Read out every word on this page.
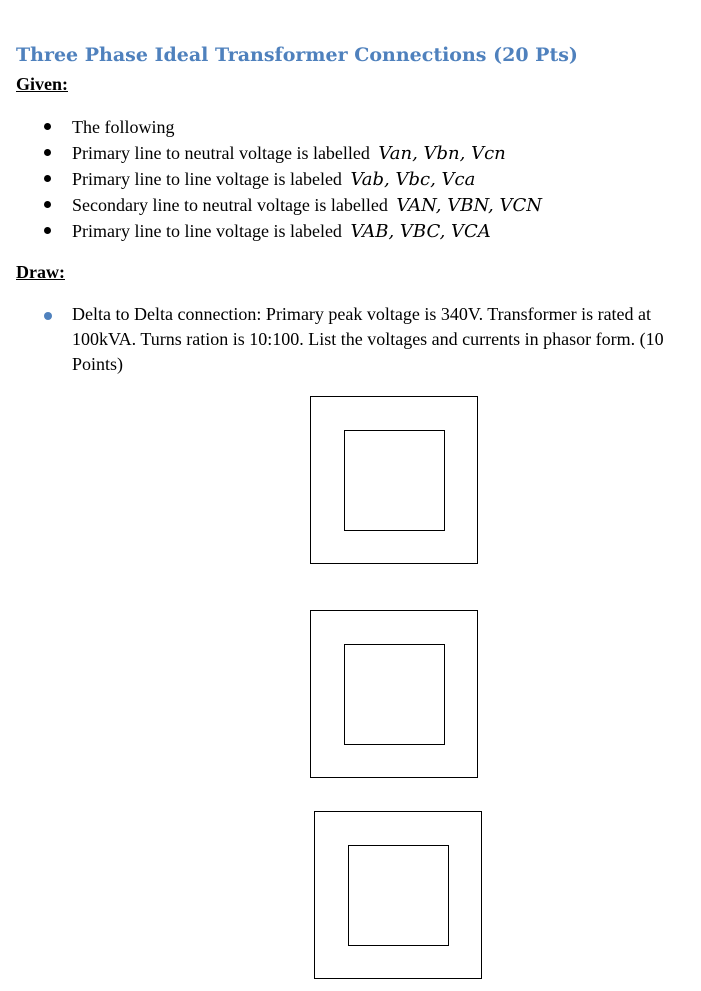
Three Phase Ideal Transformer Connections (20 Pts)
Given:
The following
Primary line to neutral voltage is labelled Van, Vbn, Vcn
Primary line to line voltage is labeled Vab, Vbc, Vca
Secondary line to neutral voltage is labelled VAN, VBN, VCN
Primary line to line voltage is labeled VAB, VBC, VCA
Draw:
Delta to Delta connection: Primary peak voltage is 340V. Transformer is rated at 100kVA. Turns ration is 10:100. List the voltages and currents in phasor form. (10 Points)
